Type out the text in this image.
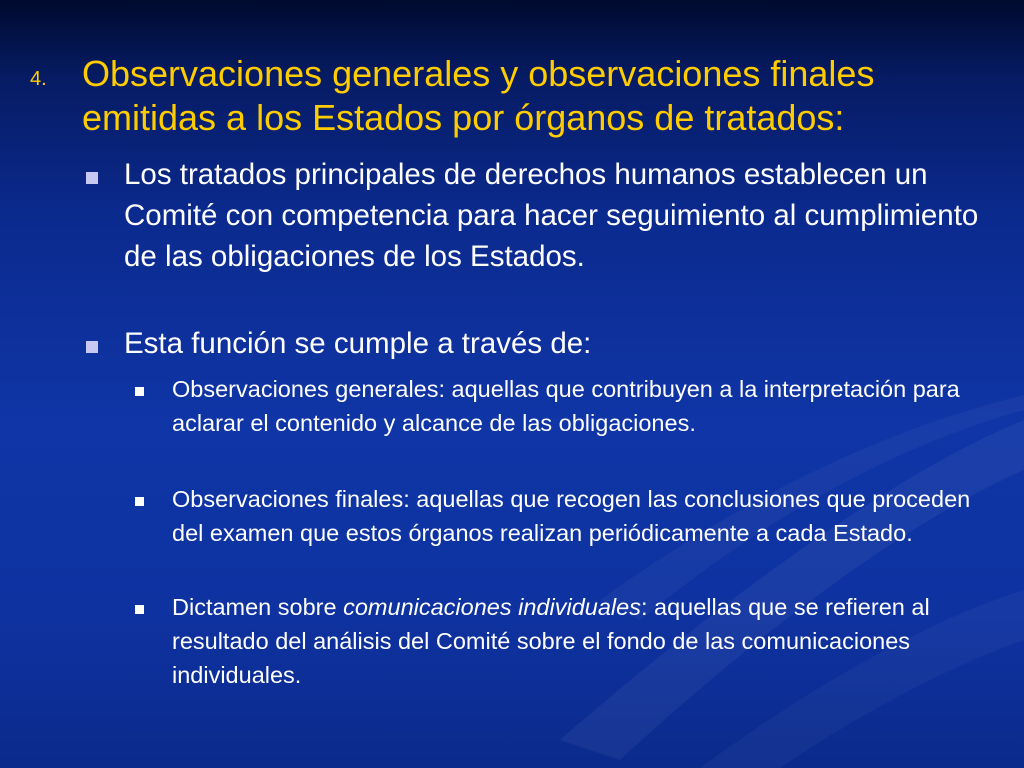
4. Observaciones generales y observaciones finales emitidas a los Estados por órganos de tratados:
Los tratados principales de derechos humanos establecen un Comité con competencia para hacer seguimiento al cumplimiento de las obligaciones de los Estados.
Esta función se cumple a través de:
Observaciones generales: aquellas que contribuyen a la interpretación para aclarar el contenido y alcance de las obligaciones.
Observaciones finales: aquellas que recogen las conclusiones que proceden del examen que estos órganos realizan periódicamente a cada Estado.
Dictamen sobre comunicaciones individuales: aquellas que se refieren al resultado del análisis del Comité sobre el fondo de las comunicaciones individuales.
